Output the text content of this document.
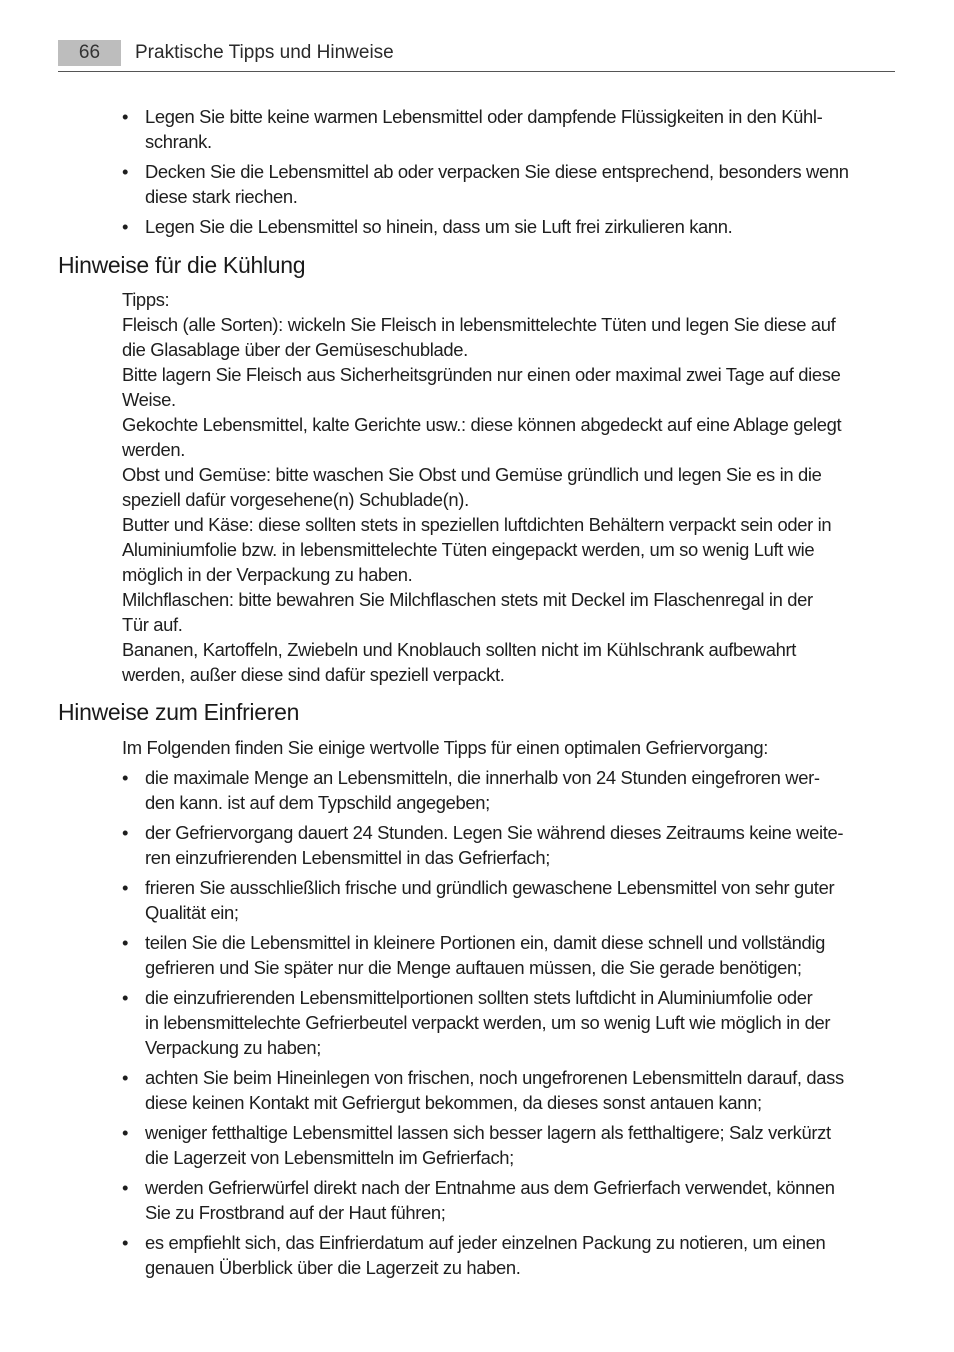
66	Praktische Tipps und Hinweise
• Legen Sie bitte keine warmen Lebensmittel oder dampfende Flüssigkeiten in den Kühl-
schrank.
• Decken Sie die Lebensmittel ab oder verpacken Sie diese entsprechend, besonders wenn
diese stark riechen.
• Legen Sie die Lebensmittel so hinein, dass um sie Luft frei zirkulieren kann.
Hinweise für die Kühlung

Tipps:

Fleisch (alle Sorten): wickeln Sie Fleisch in lebensmittelechte Tüten und legen Sie diese auf

die Glasablage über der Gemüseschublade.

Bitte lagern Sie Fleisch aus Sicherheitsgründen nur einen oder maximal zwei Tage auf diese

Weise.

Gekochte Lebensmittel, kalte Gerichte usw.: diese können abgedeckt auf eine Ablage gelegt

werden.

Obst und Gemüse: bitte waschen Sie Obst und Gemüse gründlich und legen Sie es in die

speziell dafür vorgesehene(n) Schublade(n).

Butter und Käse: diese sollten stets in speziellen luftdichten Behältern verpackt sein oder in

Aluminiumfolie bzw. in lebensmittelechte Tüten eingepackt werden, um so wenig Luft wie

möglich in der Verpackung zu haben.

Milchflaschen: bitte bewahren Sie Milchflaschen stets mit Deckel im Flaschenregal in der

Tür auf.

Bananen, Kartoffeln, Zwiebeln und Knoblauch sollten nicht im Kühlschrank aufbewahrt

werden, außer diese sind dafür speziell verpackt.

Hinweise zum Einfrieren
Im Folgenden finden Sie einige wertvolle Tipps für einen optimalen Gefriervorgang:
• die maximale Menge an Lebensmitteln, die innerhalb von 24 Stunden eingefroren wer-
den kann. ist auf dem Typschild angegeben;
• der Gefriervorgang dauert 24 Stunden. Legen Sie während dieses Zeitraums keine weite-
ren einzufrierenden Lebensmittel in das Gefrierfach;
• frieren Sie ausschließlich frische und gründlich gewaschene Lebensmittel von sehr guter
Qualität ein;
• teilen Sie die Lebensmittel in kleinere Portionen ein, damit diese schnell und vollständig
gefrieren und Sie später nur die Menge auftauen müssen, die Sie gerade benötigen;
• die einzufrierenden Lebensmittelportionen sollten stets luftdicht in Aluminiumfolie oder
in lebensmittelechte Gefrierbeutel verpackt werden, um so wenig Luft wie möglich in der
Verpackung zu haben;
• achten Sie beim Hineinlegen von frischen, noch ungefrorenen Lebensmitteln darauf, dass
diese keinen Kontakt mit Gefriergut bekommen, da dieses sonst antauen kann;
• weniger fetthaltige Lebensmittel lassen sich besser lagern als fetthaltigere; Salz verkürzt
die Lagerzeit von Lebensmitteln im Gefrierfach;
• werden Gefrierwürfel direkt nach der Entnahme aus dem Gefrierfach verwendet, können
Sie zu Frostbrand auf der Haut führen;
• es empfiehlt sich, das Einfrierdatum auf jeder einzelnen Packung zu notieren, um einen
genauen Überblick über die Lagerzeit zu haben.
